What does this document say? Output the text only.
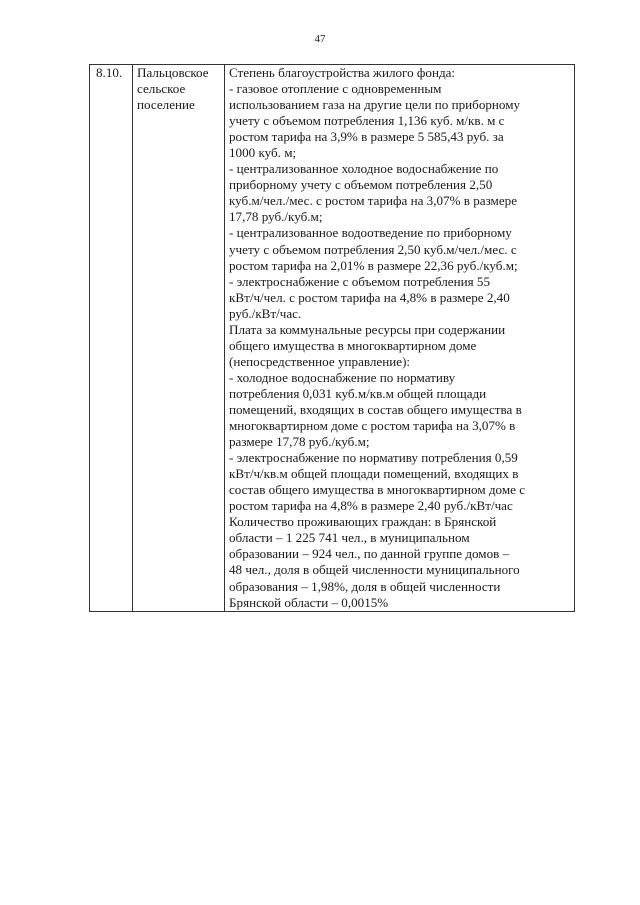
47
8.10.	Пальцовское
сельское
поселение

Степень благоустройства жилого фонда:
- газовое отопление с одновременным
использованием газа на другие цели по приборному
учету с объемом потребления 1,136 куб. м/кв. м с
ростом тарифа на 3,9% в размере 5 585,43 руб. за
1000 куб. м;
- централизованное холодное водоснабжение по
приборному учету с объемом потребления 2,50
куб.м/чел./мес. с ростом тарифа на 3,07% в размере
17,78 руб./куб.м;
- централизованное водоотведение по приборному
учету с объемом потребления 2,50 куб.м/чел./мес. с
ростом тарифа на 2,01% в размере 22,36 руб./куб.м;
- электроснабжение с объемом потребления 55
кВт/ч/чел. с ростом тарифа на 4,8% в размере 2,40
руб./кВт/час.
Плата за коммунальные ресурсы при содержании
общего имущества в многоквартирном доме
(непосредственное управление):
- холодное водоснабжение по нормативу
потребления 0,031 куб.м/кв.м общей площади
помещений, входящих в состав общего имущества в
многоквартирном доме с ростом тарифа на 3,07% в
размере 17,78 руб./куб.м;
- электроснабжение по нормативу потребления 0,59
кВт/ч/кв.м общей площади помещений, входящих в
состав общего имущества в многоквартирном доме с
ростом тарифа на 4,8% в размере 2,40 руб./кВт/час
Количество проживающих граждан: в Брянской
области – 1 225 741 чел., в муниципальном
образовании – 924 чел., по данной группе домов –
48 чел., доля в общей численности муниципального
образования – 1,98%, доля в общей численности
Брянской области – 0,0015%
